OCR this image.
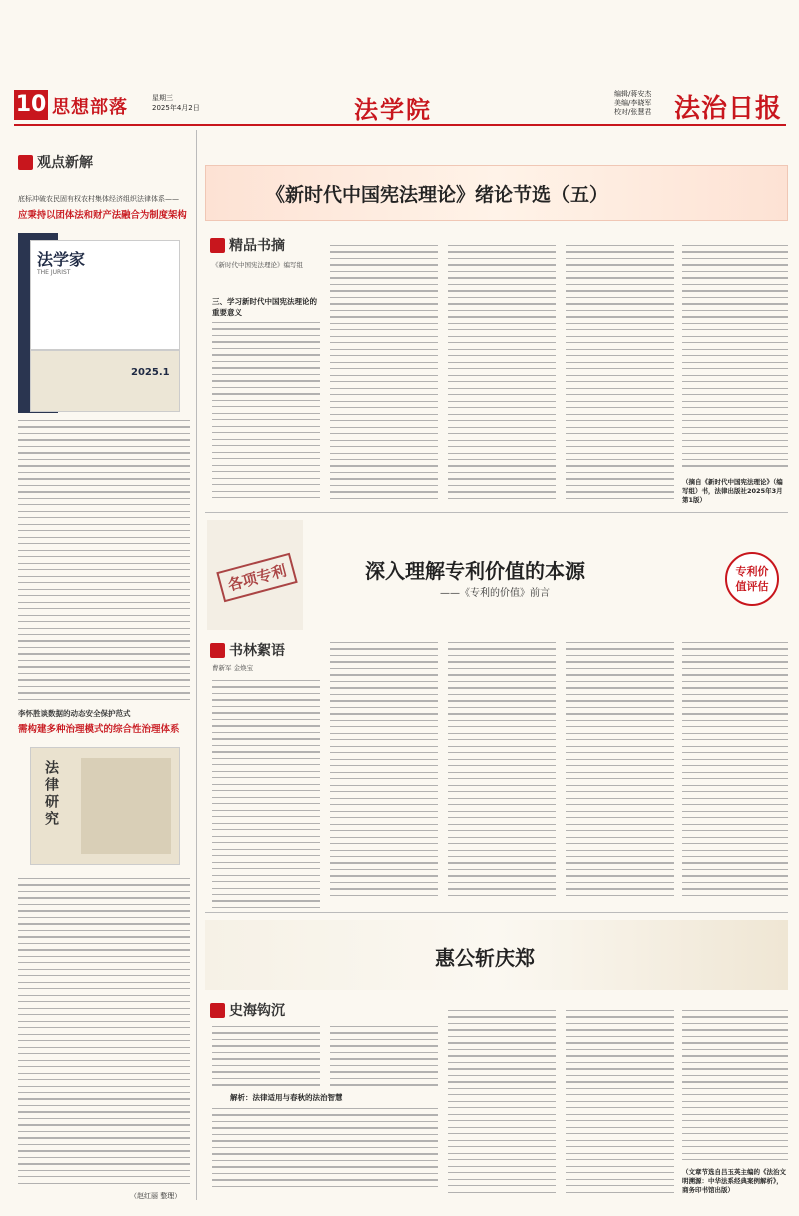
10 思想部落	星期三
2025年4月2日	法学院
编辑/蒋安杰
美编/李晓军
校对/张慧君 法治日报
观点新解
底标冲破农民固有权农村集体经济组织法律体系——
应秉持以团体法和财产法融合为制度架构
法学家
THE JURIST
2025.1
李怀胜谈数据的动态安全保护范式
需构建多种治理模式的综合性治理体系
法律研究
（赵红丽 整理）
《新时代中国宪法理论》绪论节选（五）
精品书摘
《新时代中国宪法理论》编写组
三、学习新时代中国宪法理论的重要意义
（摘自《新时代中国宪法理论》（编写组）书，法律出版社2025年3月第1版）
各项专利	深入理解专利价值的本源
——《专利的价值》前言
专利价值评估
书林絮语
曹新军 金焕宝
惠公斩庆郑
史海钩沉
解析：法律适用与春秋的法治智慧
（文章节选自吕玉英主编的《法治文明溯源：中华法系经典案例解析》，商务印书馆出版）
